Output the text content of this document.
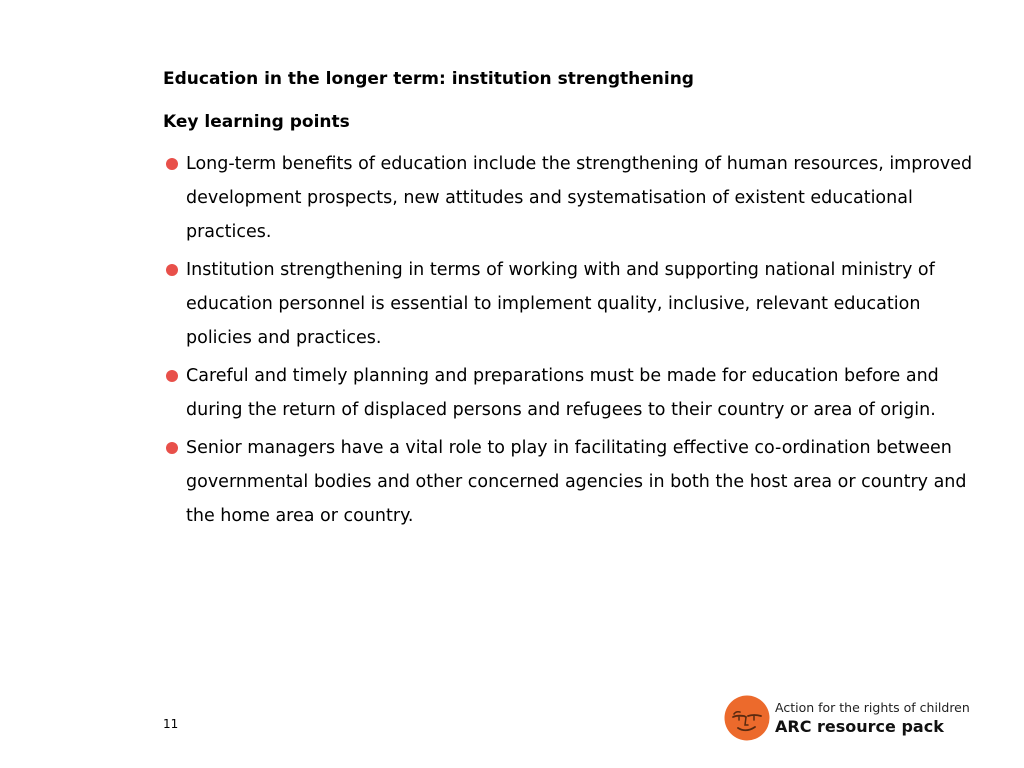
Education in the longer term: institution strengthening
Key learning points
Long-term benefits of education include the strengthening of human resources, improved development prospects, new attitudes and systematisation of existent educational practices.
Institution strengthening in terms of working with and supporting national ministry of education personnel is essential to implement quality, inclusive, relevant education policies and practices.
Careful and timely planning and preparations must be made for education before and during the return of displaced persons and refugees to their country or area of origin.
Senior managers have a vital role to play in facilitating effective co-ordination between governmental bodies and other concerned agencies in both the host area or country and the home area or country.
11
Action for the rights of children
ARC resource pack
